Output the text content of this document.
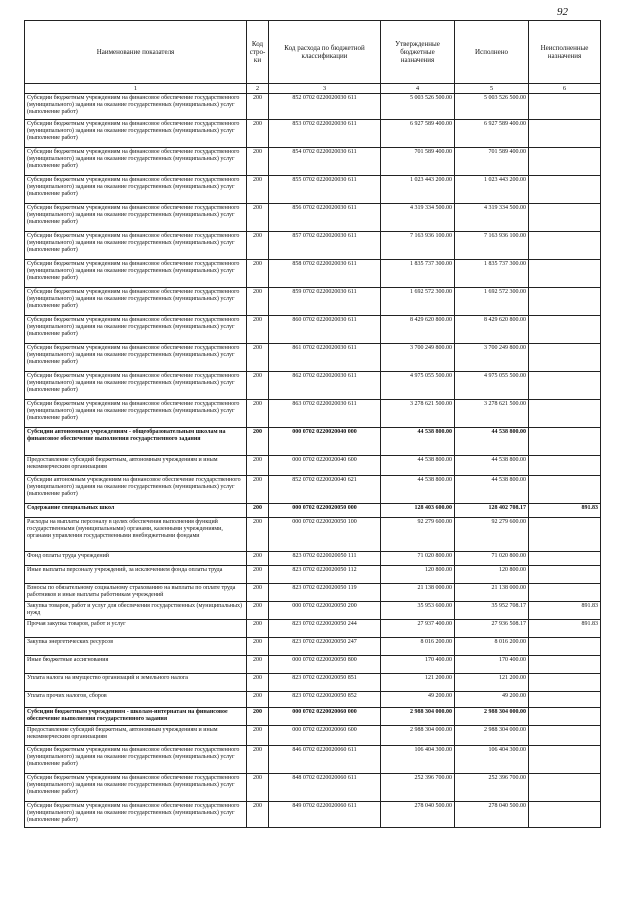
92
Наименование показателя	Код стро-ки	Код расхода по бюджетной классификации	Утвержденные бюджетные назначения	Исполнено	Неисполненные назначения
1	2	3	4	5	6
Субсидии бюджетным учреждениям на финансовое обеспечение государственного (муниципального) задания на оказание государственных (муниципальных) услуг (выполнение работ)	200	852 0702 0220020030 611	5 003 526 500.00	5 003 526 500.00	
Субсидии бюджетным учреждениям на финансовое обеспечение государственного (муниципального) задания на оказание государственных (муниципальных) услуг (выполнение работ)	200	853 0702 0220020030 611	6 927 589 400.00	6 927 589 400.00	
Субсидии бюджетным учреждениям на финансовое обеспечение государственного (муниципального) задания на оказание государственных (муниципальных) услуг (выполнение работ)	200	854 0702 0220020030 611	701 589 400.00	701 589 400.00	
Субсидии бюджетным учреждениям на финансовое обеспечение государственного (муниципального) задания на оказание государственных (муниципальных) услуг (выполнение работ)	200	855 0702 0220020030 611	1 023 443 200.00	1 023 443 200.00	
Субсидии бюджетным учреждениям на финансовое обеспечение государственного (муниципального) задания на оказание государственных (муниципальных) услуг (выполнение работ)	200	856 0702 0220020030 611	4 319 334 500.00	4 319 334 500.00	
Субсидии бюджетным учреждениям на финансовое обеспечение государственного (муниципального) задания на оказание государственных (муниципальных) услуг (выполнение работ)	200	857 0702 0220020030 611	7 163 936 100.00	7 163 936 100.00	
Субсидии бюджетным учреждениям на финансовое обеспечение государственного (муниципального) задания на оказание государственных (муниципальных) услуг (выполнение работ)	200	858 0702 0220020030 611	1 835 737 300.00	1 835 737 300.00	
Субсидии бюджетным учреждениям на финансовое обеспечение государственного (муниципального) задания на оказание государственных (муниципальных) услуг (выполнение работ)	200	859 0702 0220020030 611	1 692 572 300.00	1 692 572 300.00	
Субсидии бюджетным учреждениям на финансовое обеспечение государственного (муниципального) задания на оказание государственных (муниципальных) услуг (выполнение работ)	200	860 0702 0220020030 611	8 429 620 800.00	8 429 620 800.00	
Субсидии бюджетным учреждениям на финансовое обеспечение государственного (муниципального) задания на оказание государственных (муниципальных) услуг (выполнение работ)	200	861 0702 0220020030 611	3 700 249 800.00	3 700 249 800.00	
Субсидии бюджетным учреждениям на финансовое обеспечение государственного (муниципального) задания на оказание государственных (муниципальных) услуг (выполнение работ)	200	862 0702 0220020030 611	4 975 055 500.00	4 975 055 500.00	
Субсидии бюджетным учреждениям на финансовое обеспечение государственного (муниципального) задания на оказание государственных (муниципальных) услуг (выполнение работ)	200	863 0702 0220020030 611	3 278 621 500.00	3 278 621 500.00	
Субсидии автономным учреждениям - общеобразовательным школам на финансовое обеспечение выполнения государственного задания	200	000 0702 0220020040 000	44 538 800.00	44 538 800.00	
Предоставление субсидий бюджетным, автономным учреждениям и иным некоммерческим организациям	200	000 0702 0220020040 600	44 538 800.00	44 538 800.00	
Субсидии автономным учреждениям на финансовое обеспечение государственного (муниципального) задания на оказание государственных (муниципальных) услуг (выполнение работ)	200	852 0702 0220020040 621	44 538 800.00	44 538 800.00	
Содержание специальных школ	200	000 0702 0220020050 000	128 403 600.00	128 402 708.17	891.83
Расходы на выплаты персоналу в целях обеспечения выполнения функций государственными (муниципальными) органами, казенными учреждениями, органами управления государственными внебюджетными фондами	200	000 0702 0220020050 100	92 279 600.00	92 279 600.00	
Фонд оплаты труда учреждений	200	823 0702 0220020050 111	71 020 800.00	71 020 800.00	
Иные выплаты персоналу учреждений, за исключением фонда оплаты труда	200	823 0702 0220020050 112	120 800.00	120 800.00	
Взносы по обязательному социальному страхованию на выплаты по оплате труда работников и иные выплаты работникам учреждений	200	823 0702 0220020050 119	21 138 000.00	21 138 000.00	
Закупка товаров, работ и услуг для обеспечения государственных (муниципальных) нужд	200	000 0702 0220020050 200	35 953 600.00	35 952 708.17	891.83
Прочая закупка товаров, работ и услуг	200	823 0702 0220020050 244	27 937 400.00	27 936 508.17	891.83
Закупка энергетических ресурсов	200	823 0702 0220020050 247	8 016 200.00	8 016 200.00	
Иные бюджетные ассигнования	200	000 0702 0220020050 800	170 400.00	170 400.00	
Уплата налога на имущество организаций и земельного налога	200	823 0702 0220020050 851	121 200.00	121 200.00	
Уплата прочих налогов, сборов	200	823 0702 0220020050 852	49 200.00	49 200.00	
Субсидии бюджетным учреждениям - школам-интернатам на финансовое обеспечение выполнения государственного задания	200	000 0702 0220020060 000	2 988 304 000.00	2 988 304 000.00	
Предоставление субсидий бюджетным, автономным учреждениям и иным некоммерческим организациям	200	000 0702 0220020060 600	2 988 304 000.00	2 988 304 000.00	
Субсидии бюджетным учреждениям на финансовое обеспечение государственного (муниципального) задания на оказание государственных (муниципальных) услуг (выполнение работ)	200	846 0702 0220020060 611	106 404 300.00	106 404 300.00	
Субсидии бюджетным учреждениям на финансовое обеспечение государственного (муниципального) задания на оказание государственных (муниципальных) услуг (выполнение работ)	200	848 0702 0220020060 611	252 396 700.00	252 396 700.00	
Субсидии бюджетным учреждениям на финансовое обеспечение государственного (муниципального) задания на оказание государственных (муниципальных) услуг (выполнение работ)	200	849 0702 0220020060 611	278 040 500.00	278 040 500.00	
